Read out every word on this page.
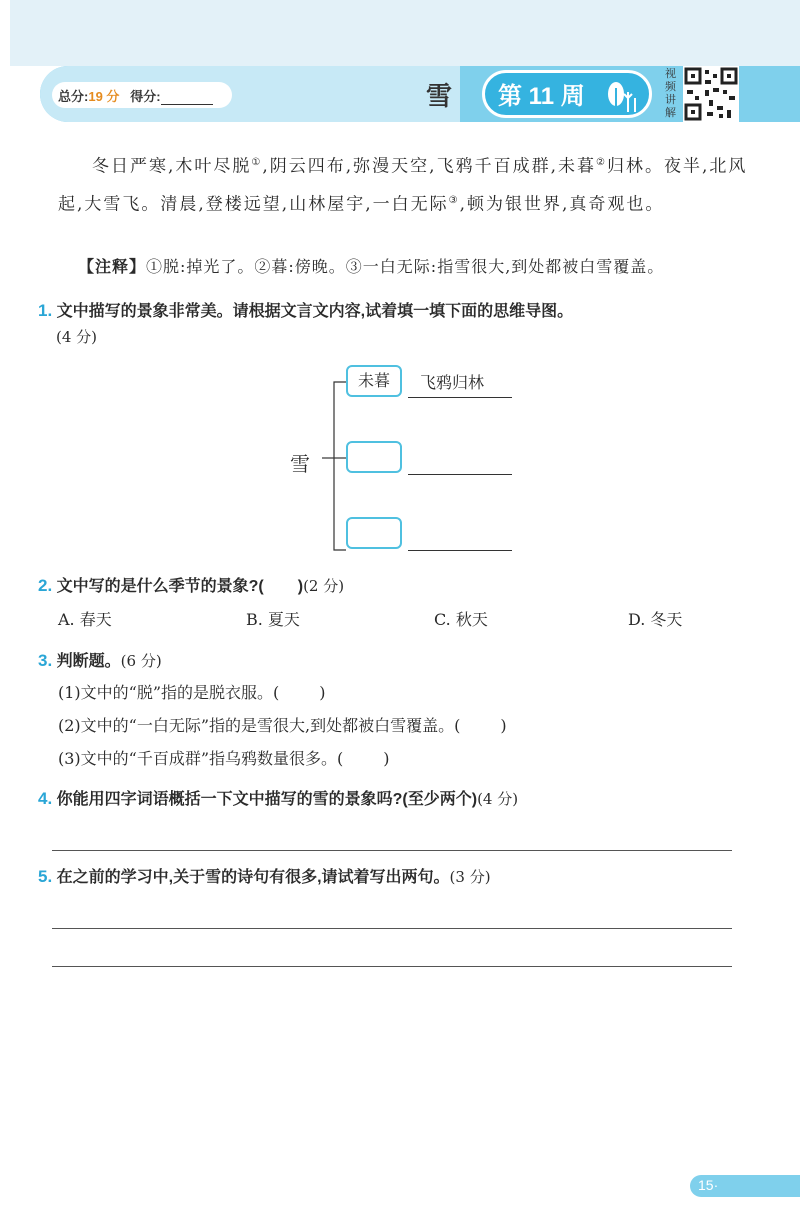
总分:19 分 得分:	雪 第 11 周
视频讲解
冬日严寒,木叶尽脱①,阴云四布,弥漫天空,飞鸦千百成群,未暮②归林。夜半,北风起,大雪飞。清晨,登楼远望,山林屋宇,一白无际③,顿为银世界,真奇观也。
【注释】①脱:掉光了。②暮:傍晚。③一白无际:指雪很大,到处都被白雪覆盖。
1. 文中描写的景象非常美。请根据文言文内容,试着填一填下面的思维导图。
(4 分)
雪
未暮	飞鸦归林
2. 文中写的是什么季节的景象?( )(2 分)
A. 春天	B. 夏天	C. 秋天	D. 冬天
3. 判断题。(6 分)
(1)文中的“脱”指的是脱衣服。(	)
(2)文中的“一白无际”指的是雪很大,到处都被白雪覆盖。(	)
(3)文中的“千百成群”指乌鸦数量很多。(	)
4. 你能用四字词语概括一下文中描写的雪的景象吗?(至少两个)(4 分)
5. 在之前的学习中,关于雪的诗句有很多,请试着写出两句。(3 分)
15·
